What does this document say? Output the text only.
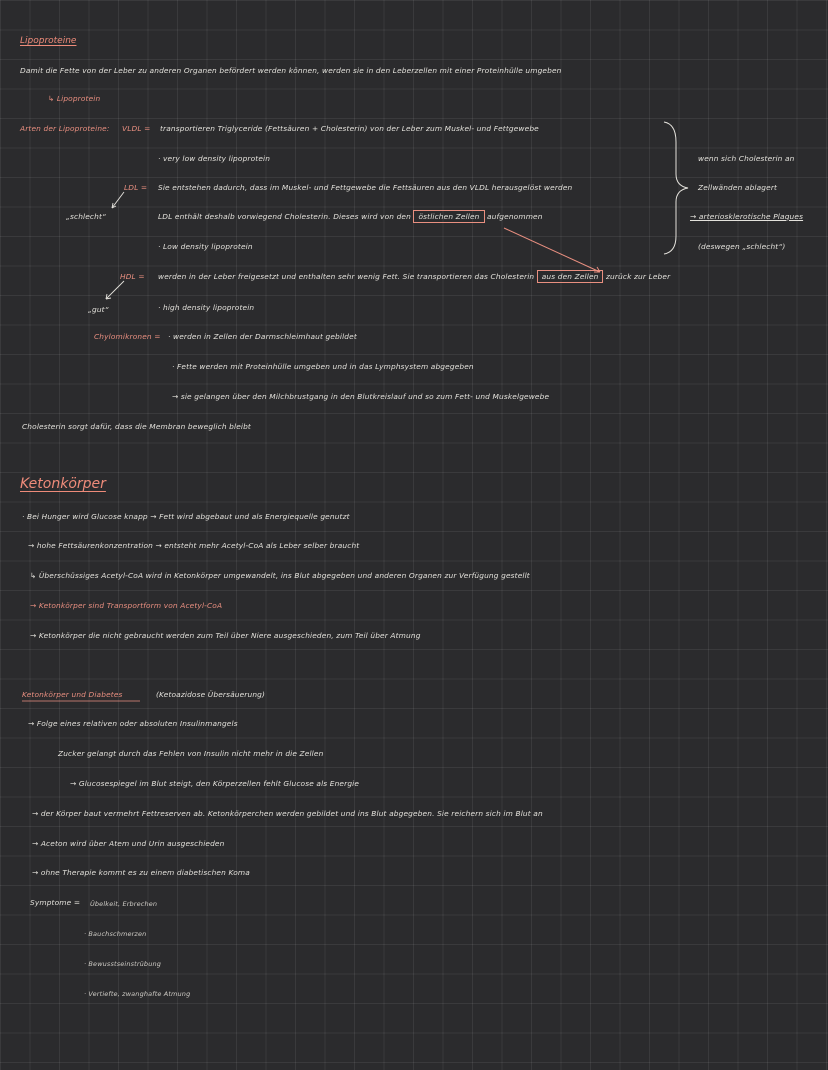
Lipoproteine
Damit die Fette von der Leber zu anderen Organen befördert werden können, werden sie in den Leberzellen mit einer Proteinhülle umgeben
↳ Lipoprotein
Arten der Lipoproteine: VLDL = transportieren Triglyceride (Fettsäuren + Cholesterin) von der Leber zum Muskel- und Fettgewebe
· very low density lipoprotein
LDL = Sie entstehen dadurch, dass im Muskel- und Fettgewebe die Fettsäuren aus den VLDL herausgelöst werden
„schlecht“	LDL enthält deshalb vorwiegend Cholesterin. Dieses wird von den östlichen Zellen aufgenommen
· Low density lipoprotein
HDL = werden in der Leber freigesetzt und enthalten sehr wenig Fett. Sie transportieren das Cholesterin aus den Zellen zurück zur Leber
„gut“	· high density lipoprotein
Chylomikronen = · werden in Zellen der Darmschleimhaut gebildet
· Fette werden mit Proteinhülle umgeben und in das Lymphsystem abgegeben
→ sie gelangen über den Milchbrustgang in den Blutkreislauf und so zum Fett- und Muskelgewebe
wenn sich Cholesterin an
Zellwänden ablagert
→ arteriosklerotische Plaques
(deswegen „schlecht“)
Cholesterin sorgt dafür, dass die Membran beweglich bleibt
Ketonkörper
· Bei Hunger wird Glucose knapp → Fett wird abgebaut und als Energiequelle genutzt
→ hohe Fettsäurenkonzentration → entsteht mehr Acetyl-CoA als Leber selber braucht
↳ Überschüssiges Acetyl-CoA wird in Ketonkörper umgewandelt, ins Blut abgegeben und anderen Organen zur Verfügung gestellt
→ Ketonkörper sind Transportform von Acetyl-CoA
→ Ketonkörper die nicht gebraucht werden zum Teil über Niere ausgeschieden, zum Teil über Atmung
Ketonkörper und Diabetes	(Ketoazidose Übersäuerung)
→ Folge eines relativen oder absoluten Insulinmangels
Zucker gelangt durch das Fehlen von Insulin nicht mehr in die Zellen
→ Glucosespiegel im Blut steigt, den Körperzellen fehlt Glucose als Energie
→ der Körper baut vermehrt Fettreserven ab. Ketonkörperchen werden gebildet und ins Blut abgegeben. Sie reichern sich im Blut an
→ Aceton wird über Atem und Urin ausgeschieden
→ ohne Therapie kommt es zu einem diabetischen Koma
Symptome = Übelkeit, Erbrechen
· Bauchschmerzen
· Bewusstseinstrübung
· Vertiefte, zwanghafte Atmung
